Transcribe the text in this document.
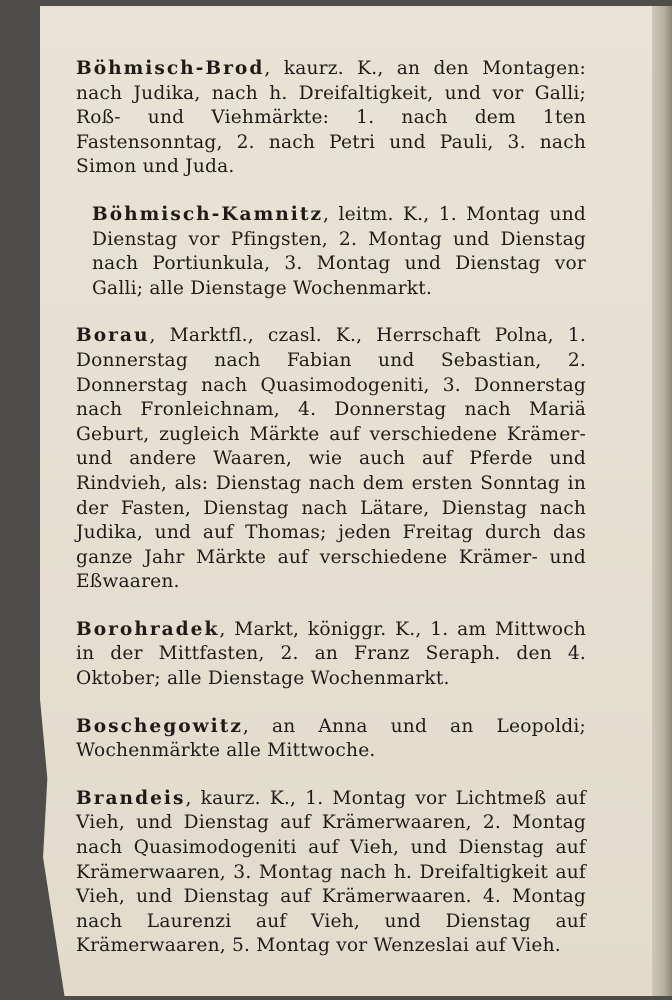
Böhmisch-Brod, kaurz. K., an den Montagen: nach Judika, nach h. Dreifaltigkeit, und vor Galli; Roß- und Viehmärkte: 1. nach dem 1ten Fastensonntag, 2. nach Petri und Pauli, 3. nach Simon und Juda.

Böhmisch-Kamnitz, leitm. K., 1. Montag und Dienstag vor Pfingsten, 2. Montag und Dienstag nach Portiunkula, 3. Montag und Dienstag vor Galli; alle Dienstage Wochenmarkt.

Borau, Marktfl., czasl. K., Herrschaft Polna, 1. Donnerstag nach Fabian und Sebastian, 2. Donnerstag nach Quasimodogeniti, 3. Donnerstag nach Fronleichnam, 4. Donnerstag nach Mariä Geburt, zugleich Märkte auf verschiedene Krämer- und andere Waaren, wie auch auf Pferde und Rindvieh, als: Dienstag nach dem ersten Sonntag in der Fasten, Dienstag nach Lätare, Dienstag nach Judika, und auf Thomas; jeden Freitag durch das ganze Jahr Märkte auf verschiedene Krämer- und Eßwaaren.

Borohradek, Markt, königgr. K., 1. am Mittwoch in der Mittfasten, 2. an Franz Seraph. den 4. Oktober; alle Dienstage Wochenmarkt.

Boschegowitz, an Anna und an Leopoldi; Wochenmärkte alle Mittwoche.

Brandeis, kaurz. K., 1. Montag vor Lichtmeß auf Vieh, und Dienstag auf Krämerwaaren, 2. Montag nach Quasimodogeniti auf Vieh, und Dienstag auf Krämerwaaren, 3. Montag nach h. Dreifaltigkeit auf Vieh, und Dienstag auf Krämerwaaren. 4. Montag nach Laurenzi auf Vieh, und Dienstag auf Krämerwaaren, 5. Montag vor Wenzeslai auf Vieh.
